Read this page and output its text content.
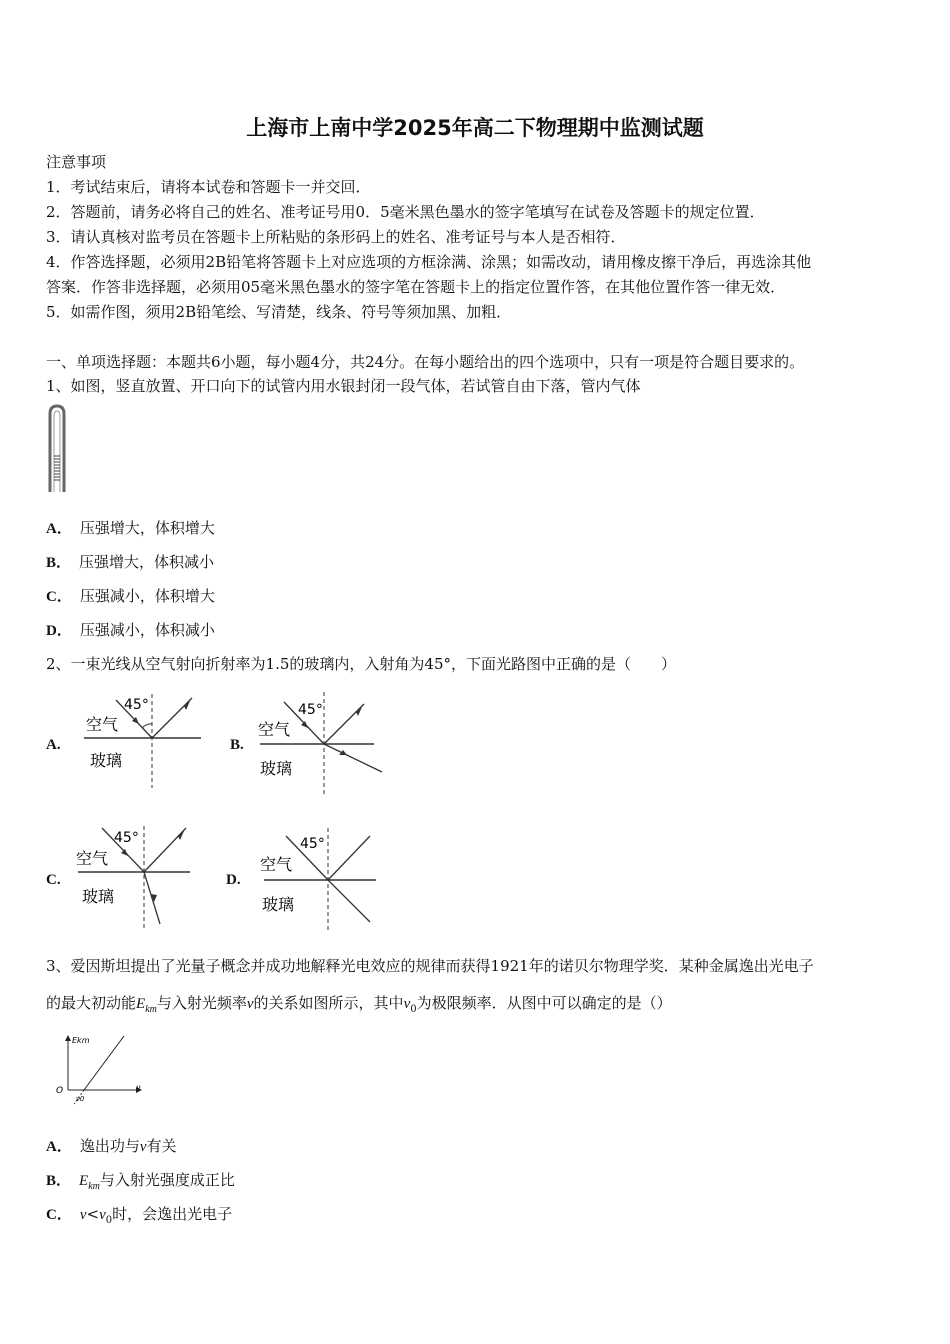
上海市上南中学2025年高二下物理期中监测试题
注意事项
1．考试结束后，请将本试卷和答题卡一并交回．
2．答题前，请务必将自己的姓名、准考证号用0．5毫米黑色墨水的签字笔填写在试卷及答题卡的规定位置．
3．请认真核对监考员在答题卡上所粘贴的条形码上的姓名、准考证号与本人是否相符．
4．作答选择题，必须用2B铅笔将答题卡上对应选项的方框涂满、涂黑；如需改动，请用橡皮擦干净后，再选涂其他
答案．作答非选择题，必须用05毫米黑色墨水的签字笔在答题卡上的指定位置作答，在其他位置作答一律无效．
5．如需作图，须用2B铅笔绘、写清楚，线条、符号等须加黑、加粗．
一、单项选择题：本题共6小题，每小题4分，共24分。在每小题给出的四个选项中，只有一项是符合题目要求的。
1、如图，竖直放置、开口向下的试管内用水银封闭一段气体，若试管自由下落，管内气体
A． 压强增大，体积增大
B． 压强增大，体积减小
C． 压强减小，体积增大
D． 压强减小，体积减小
2、一束光线从空气射向折射率为1.5的玻璃内，入射角为45°，下面光路图中正确的是（　　）
A.
45°
空气
玻璃
B.
45°
空气
玻璃
C.
45°
空气
玻璃
D.
45°
空气
玻璃
3、爱因斯坦提出了光量子概念并成功地解释光电效应的规律而获得1921年的诺贝尔物理学奖．某种金属逸出光电子
的最大初动能$E_{km}$与入射光频率ν的关系如图所示，其中$\nu_0$为极限频率．从图中可以确定的是（）
Ekm
O	ν
ν0
A． 逸出功与ν有关
B． $E_{km}$与入射光强度成正比
C． $\nu<\nu_0$时，会逸出光电子
